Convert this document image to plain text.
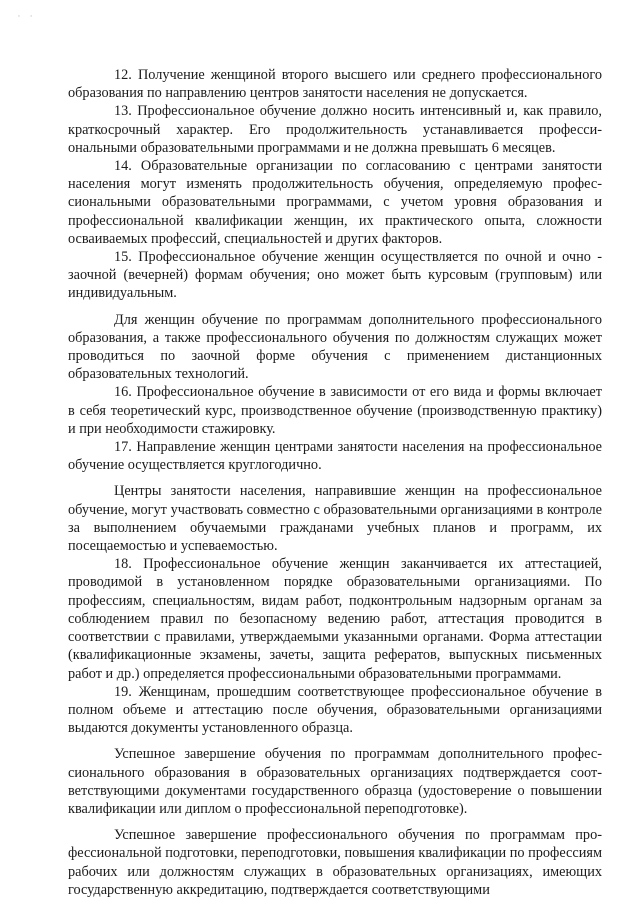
' '

12. Получение женщиной второго высшего или среднего профессионального образования по направлению центров занятости населения не допускается.

13. Профессиональное обучение должно носить интенсивный и, как правило, краткосрочный характер. Его продолжительность устанавливается профессиональными образовательными программами и не должна превышать 6 месяцев.

14. Образовательные организации по согласованию с центрами занятости населения могут изменять продолжительность обучения, определяемую профессиональными образовательными программами, с учетом уровня образования и профессиональной квалификации женщин, их практического опыта, сложности осваиваемых профессий, специальностей и других факторов.

15. Профессиональное обучение женщин осуществляется по очной и очно - заочной (вечерней) формам обучения; оно может быть курсовым (групповым) или индивидуальным.

Для женщин обучение по программам дополнительного профессионального образования, а также профессионального обучения по должностям служащих может проводиться по заочной форме обучения с применением дистанционных образовательных технологий.

16. Профессиональное обучение в зависимости от его вида и формы включает в себя теоретический курс, производственное обучение (производственную практику) и при необходимости стажировку.

17. Направление женщин центрами занятости населения на профессиональное обучение осуществляется круглогодично.

Центры занятости населения, направившие женщин на профессиональное обучение, могут участвовать совместно с образовательными организациями в контроле за выполнением обучаемыми гражданами учебных планов и программ, их посещаемостью и успеваемостью.

18. Профессиональное обучение женщин заканчивается их аттестацией, проводимой в установленном порядке образовательными организациями. По профессиям, специальностям, видам работ, подконтрольным надзорным органам за соблюдением правил по безопасному ведению работ, аттестация проводится в соответствии с правилами, утверждаемыми указанными органами. Форма аттестации (квалификационные экзамены, зачеты, защита рефератов, выпускных письменных работ и др.) определяется профессиональными образовательными программами.

19. Женщинам, прошедшим соответствующее профессиональное обучение в полном объеме и аттестацию после обучения, образовательными организациями выдаются документы установленного образца.

Успешное завершение обучения по программам дополнительного профессионального образования в образовательных организациях подтверждается соответствующими документами государственного образца (удостоверение о повышении квалификации или диплом о профессиональной переподготовке).

Успешное завершение профессионального обучения по программам профессиональной подготовки, переподготовки, повышения квалификации по профессиям рабочих или должностям служащих в образовательных организациях, имеющих государственную аккредитацию, подтверждается соответствующими
